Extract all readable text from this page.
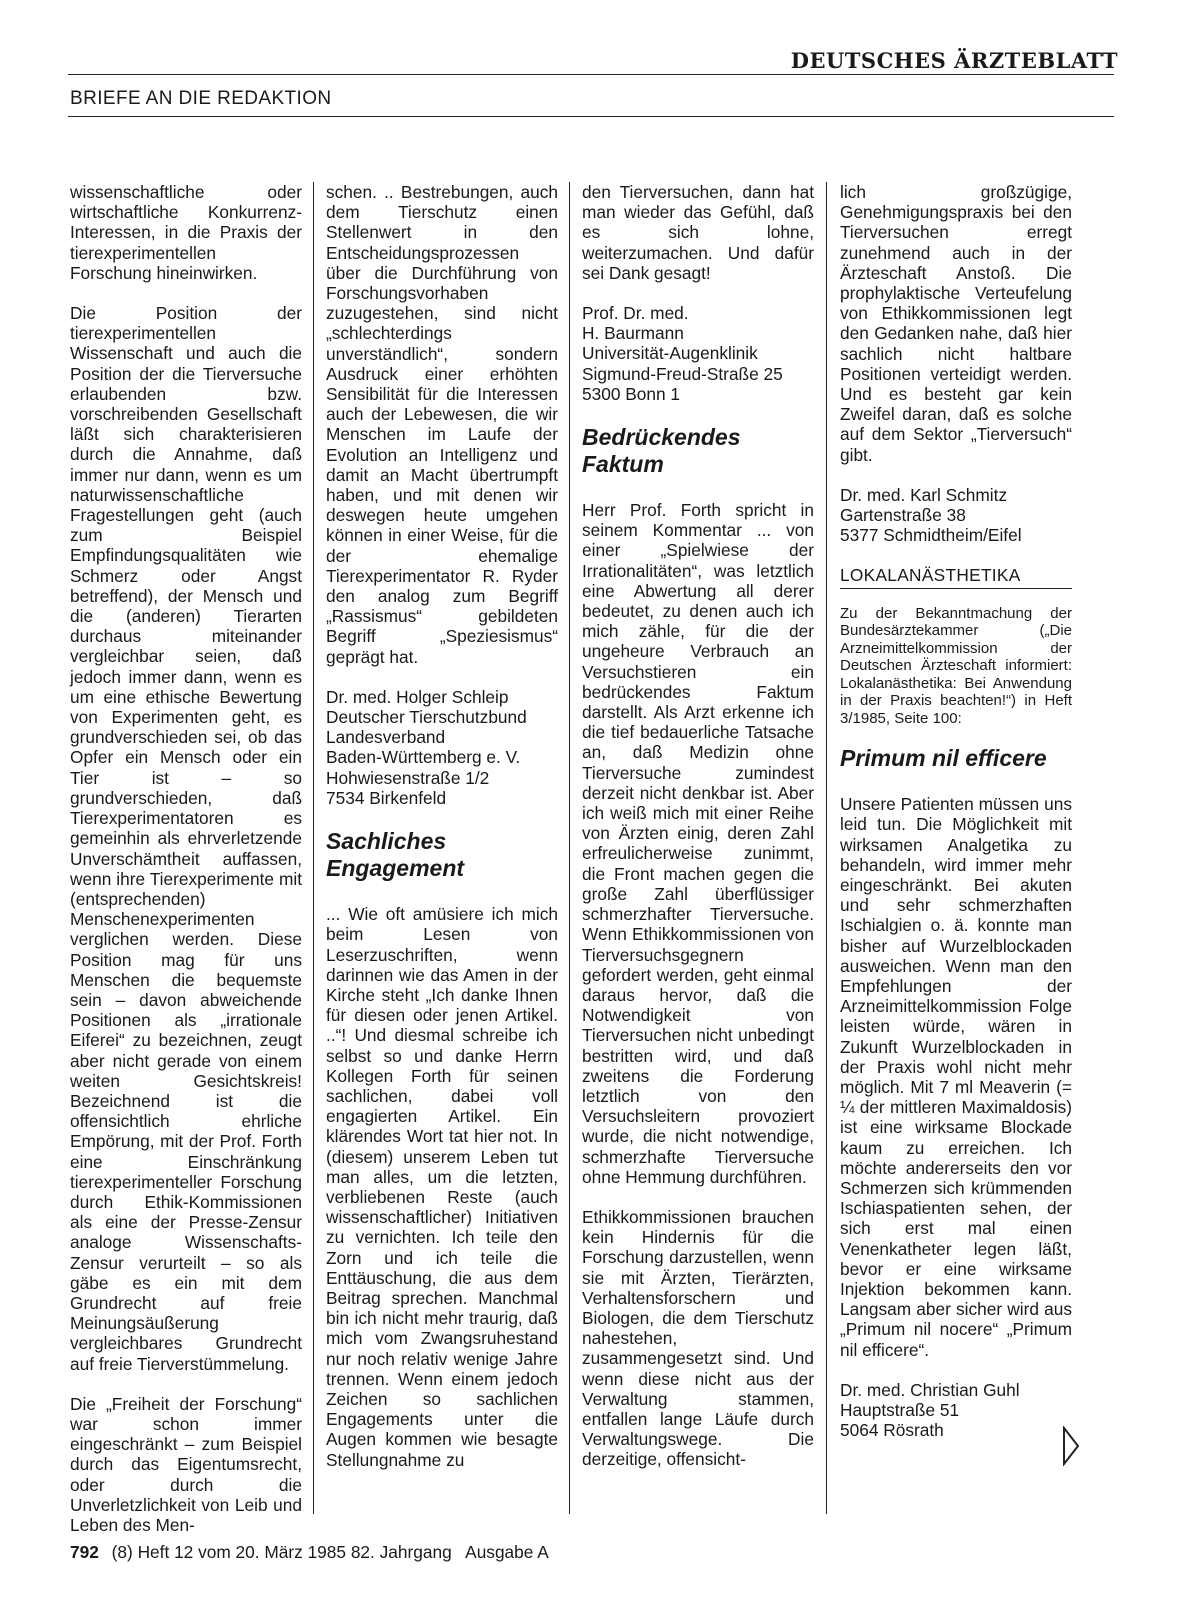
DEUTSCHES ÄRZTEBLATT
BRIEFE AN DIE REDAKTION

wissenschaftliche oder wirtschaftliche Konkurrenz-Interessen, in die Praxis der tierexperimentellen Forschung hineinwirken.

Die Position der tierexperimentellen Wissenschaft und auch die Position der die Tierversuche erlaubenden bzw. vorschreibenden Gesellschaft läßt sich charakterisieren durch die Annahme, daß immer nur dann, wenn es um naturwissenschaftliche Fragestellungen geht (auch zum Beispiel Empfindungsqualitäten wie Schmerz oder Angst betreffend), der Mensch und die (anderen) Tierarten durchaus miteinander vergleichbar seien, daß jedoch immer dann, wenn es um eine ethische Bewertung von Experimenten geht, es grundverschieden sei, ob das Opfer ein Mensch oder ein Tier ist – so grundverschieden, daß Tierexperimentatoren es gemeinhin als ehrverletzende Unverschämtheit auffassen, wenn ihre Tierexperimente mit (entsprechenden) Menschenexperimenten verglichen werden. Diese Position mag für uns Menschen die bequemste sein – davon abweichende Positionen als „irrationale Eiferei“ zu bezeichnen, zeugt aber nicht gerade von einem weiten Gesichtskreis! Bezeichnend ist die offensichtlich ehrliche Empörung, mit der Prof. Forth eine Einschränkung tierexperimenteller Forschung durch Ethik-Kommissionen als eine der Presse-Zensur analoge Wissenschafts-Zensur verurteilt – so als gäbe es ein mit dem Grundrecht auf freie Meinungsäußerung vergleichbares Grundrecht auf freie Tierverstümmelung.

Die „Freiheit der Forschung“ war schon immer eingeschränkt – zum Beispiel durch das Eigentumsrecht, oder durch die Unverletzlichkeit von Leib und Leben des Men-

schen. .. Bestrebungen, auch dem Tierschutz einen Stellenwert in den Entscheidungsprozessen über die Durchführung von Forschungsvorhaben zuzugestehen, sind nicht „schlechterdings unverständlich“, sondern Ausdruck einer erhöhten Sensibilität für die Interessen auch der Lebewesen, die wir Menschen im Laufe der Evolution an Intelligenz und damit an Macht übertrumpft haben, und mit denen wir deswegen heute umgehen können in einer Weise, für die der ehemalige Tierexperimentator R. Ryder den analog zum Begriff „Rassismus“ gebildeten Begriff „Speziesismus“ geprägt hat.

Dr. med. Holger Schleip
Deutscher Tierschutzbund
Landesverband
Baden-Württemberg e. V.
Hohwiesenstraße 1/2
7534 Birkenfeld

Sachliches Engagement

... Wie oft amüsiere ich mich beim Lesen von Leserzuschriften, wenn darinnen wie das Amen in der Kirche steht „Ich danke Ihnen für diesen oder jenen Artikel. ..“! Und diesmal schreibe ich selbst so und danke Herrn Kollegen Forth für seinen sachlichen, dabei voll engagierten Artikel. Ein klärendes Wort tat hier not. In (diesem) unserem Leben tut man alles, um die letzten, verbliebenen Reste (auch wissenschaftlicher) Initiativen zu vernichten. Ich teile den Zorn und ich teile die Enttäuschung, die aus dem Beitrag sprechen. Manchmal bin ich nicht mehr traurig, daß mich vom Zwangsruhestand nur noch relativ wenige Jahre trennen. Wenn einem jedoch Zeichen so sachlichen Engagements unter die Augen kommen wie besagte Stellungnahme zu

den Tierversuchen, dann hat man wieder das Gefühl, daß es sich lohne, weiterzumachen. Und dafür sei Dank gesagt!

Prof. Dr. med.
H. Baurmann
Universität-Augenklinik
Sigmund-Freud-Straße 25
5300 Bonn 1

Bedrückendes Faktum

Herr Prof. Forth spricht in seinem Kommentar ... von einer „Spielwiese der Irrationalitäten“, was letztlich eine Abwertung all derer bedeutet, zu denen auch ich mich zähle, für die der ungeheure Verbrauch an Versuchstieren ein bedrückendes Faktum darstellt. Als Arzt erkenne ich die tief bedauerliche Tatsache an, daß Medizin ohne Tierversuche zumindest derzeit nicht denkbar ist. Aber ich weiß mich mit einer Reihe von Ärzten einig, deren Zahl erfreulicherweise zunimmt, die Front machen gegen die große Zahl überflüssiger schmerzhafter Tierversuche. Wenn Ethikkommissionen von Tierversuchsgegnern gefordert werden, geht einmal daraus hervor, daß die Notwendigkeit von Tierversuchen nicht unbedingt bestritten wird, und daß zweitens die Forderung letztlich von den Versuchsleitern provoziert wurde, die nicht notwendige, schmerzhafte Tierversuche ohne Hemmung durchführen.

Ethikkommissionen brauchen kein Hindernis für die Forschung darzustellen, wenn sie mit Ärzten, Tierärzten, Verhaltensforschern und Biologen, die dem Tierschutz nahestehen, zusammengesetzt sind. Und wenn diese nicht aus der Verwaltung stammen, entfallen lange Läufe durch Verwaltungswege. Die derzeitige, offensicht-

lich großzügige, Genehmigungspraxis bei den Tierversuchen erregt zunehmend auch in der Ärzteschaft Anstoß. Die prophylaktische Verteufelung von Ethikkommissionen legt den Gedanken nahe, daß hier sachlich nicht haltbare Positionen verteidigt werden. Und es besteht gar kein Zweifel daran, daß es solche auf dem Sektor „Tierversuch“ gibt.

Dr. med. Karl Schmitz
Gartenstraße 38
5377 Schmidtheim/Eifel

LOKALANÄSTHETIKA

Zu der Bekanntmachung der Bundesärztekammer („Die Arzneimittelkommission der Deutschen Ärzteschaft informiert: Lokalanästhetika: Bei Anwendung in der Praxis beachten!“) in Heft 3/1985, Seite 100:

Primum nil efficere

Unsere Patienten müssen uns leid tun. Die Möglichkeit mit wirksamen Analgetika zu behandeln, wird immer mehr eingeschränkt. Bei akuten und sehr schmerzhaften Ischialgien o. ä. konnte man bisher auf Wurzelblockaden ausweichen. Wenn man den Empfehlungen der Arzneimittelkommission Folge leisten würde, wären in Zukunft Wurzelblockaden in der Praxis wohl nicht mehr möglich. Mit 7 ml Meaverin (= ¼ der mittleren Maximaldosis) ist eine wirksame Blockade kaum zu erreichen. Ich möchte andererseits den vor Schmerzen sich krümmenden Ischiaspatienten sehen, der sich erst mal einen Venenkatheter legen läßt, bevor er eine wirksame Injektion bekommen kann. Langsam aber sicher wird aus „Primum nil nocere“ „Primum nil efficere“.

Dr. med. Christian Guhl
Hauptstraße 51
5064 Rösrath

792 (8) Heft 12 vom 20. März 1985 82. Jahrgang Ausgabe A
